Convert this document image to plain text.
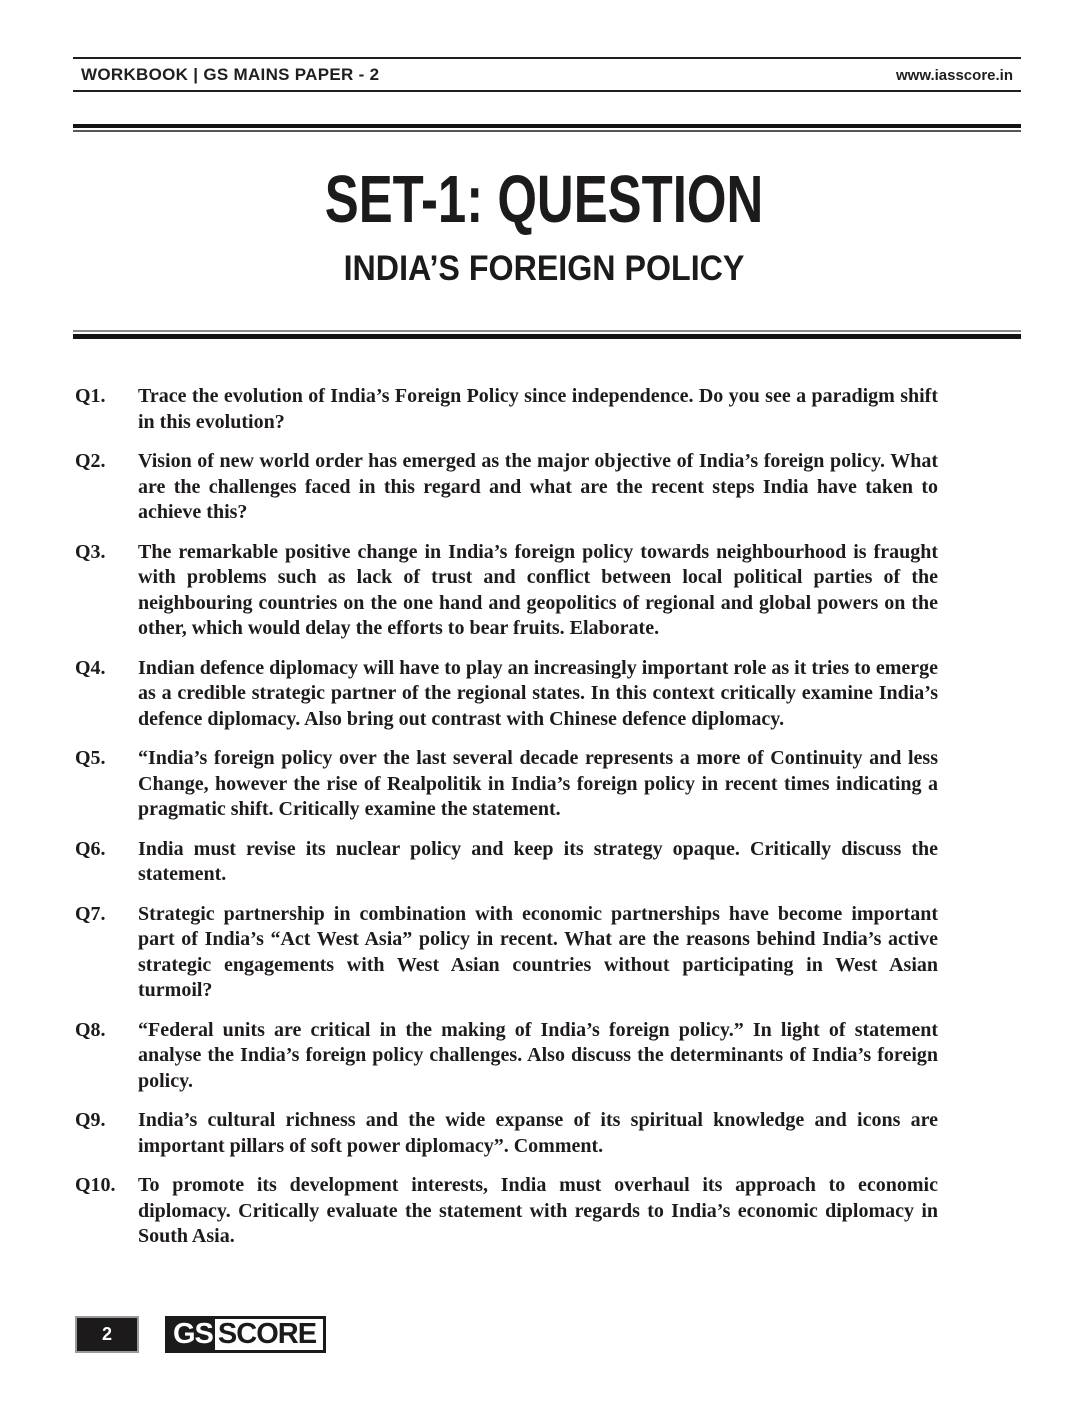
WORKBOOK | GS MAINS PAPER - 2	www.iasscore.in
SET-1: QUESTION
INDIA’S FOREIGN POLICY
Q1.	Trace the evolution of India’s Foreign Policy since independence. Do you see a paradigm shift in this evolution?
Q2.	Vision of new world order has emerged as the major objective of India’s foreign policy. What are the challenges faced in this regard and what are the recent steps India have taken to achieve this?
Q3.	The remarkable positive change in India’s foreign policy towards neighbourhood is fraught with problems such as lack of trust and conflict between local political parties of the neighbouring countries on the one hand and geopolitics of regional and global powers on the other, which would delay the efforts to bear fruits. Elaborate.
Q4.	Indian defence diplomacy will have to play an increasingly important role as it tries to emerge as a credible strategic partner of the regional states. In this context critically examine India’s defence diplomacy. Also bring out contrast with Chinese defence diplomacy.
Q5.	“India’s foreign policy over the last several decade represents a more of Continuity and less Change, however the rise of Realpolitik in India’s foreign policy in recent times indicating a pragmatic shift. Critically examine the statement.
Q6.	India must revise its nuclear policy and keep its strategy opaque. Critically discuss the statement.
Q7.	Strategic partnership in combination with economic partnerships have become important part of India’s “Act West Asia” policy in recent. What are the reasons behind India’s active strategic engagements with West Asian countries without participating in West Asian turmoil?
Q8.	“Federal units are critical in the making of India’s foreign policy.” In light of statement analyse the India’s foreign policy challenges. Also discuss the determinants of India’s foreign policy.
Q9.	India’s cultural richness and the wide expanse of its spiritual knowledge and icons are important pillars of soft power diplomacy”. Comment.
Q10.	To promote its development interests, India must overhaul its approach to economic diplomacy. Critically evaluate the statement with regards to India’s economic diplomacy in South Asia.
2	GS SCORE
